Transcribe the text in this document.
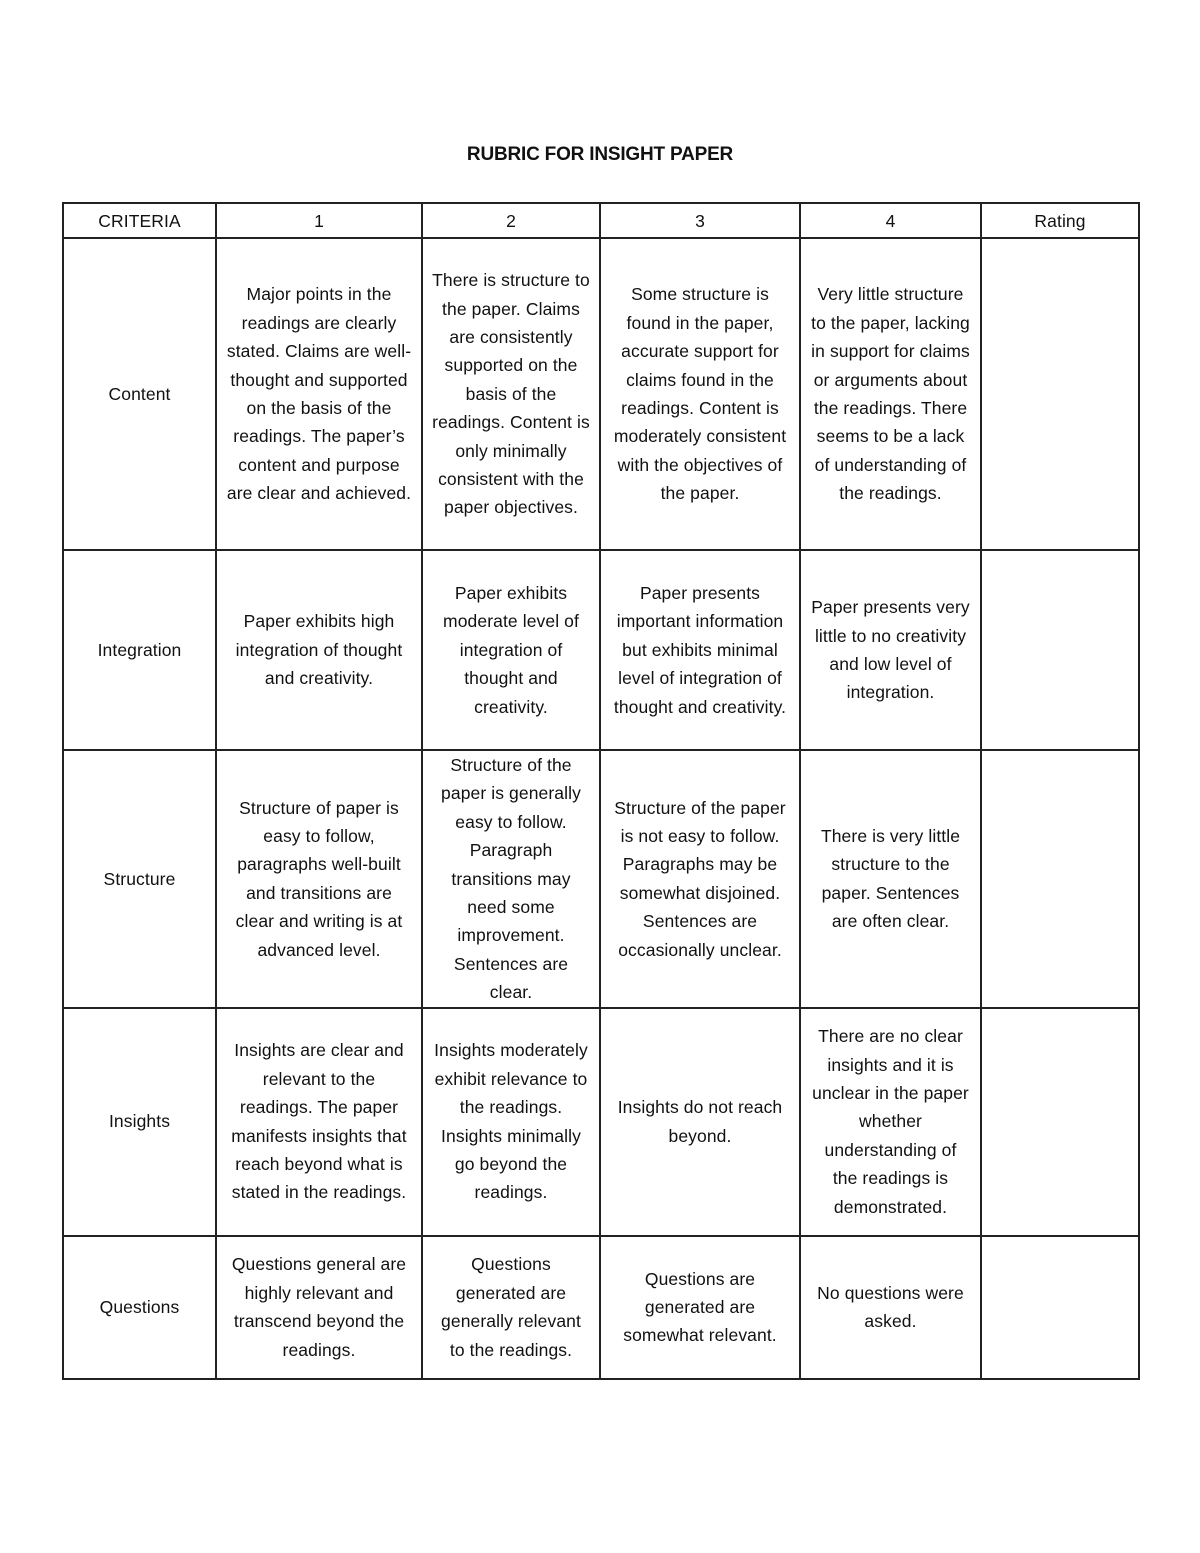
RUBRIC FOR INSIGHT PAPER
CRITERIA	1	2	3	4	Rating
Content	Major points in the readings are clearly stated. Claims are well-thought and supported on the basis of the readings. The paper’s content and purpose are clear and achieved.	There is structure to the paper. Claims are consistently supported on the basis of the readings. Content is only minimally consistent with the paper objectives.	Some structure is found in the paper, accurate support for claims found in the readings. Content is moderately consistent with the objectives of the paper.	Very little structure to the paper, lacking in support for claims or arguments about the readings. There seems to be a lack of understanding of the readings.	
Integration	Paper exhibits high integration of thought and creativity.	Paper exhibits moderate level of integration of thought and creativity.	Paper presents important information but exhibits minimal level of integration of thought and creativity.	Paper presents very little to no creativity and low level of integration.	
Structure	Structure of paper is easy to follow, paragraphs well-built and transitions are clear and writing is at advanced level.	Structure of the paper is generally easy to follow. Paragraph transitions may need some improvement. Sentences are clear.	Structure of the paper is not easy to follow. Paragraphs may be somewhat disjoined. Sentences are occasionally unclear.	There is very little structure to the paper. Sentences are often clear.	
Insights	Insights are clear and relevant to the readings. The paper manifests insights that reach beyond what is stated in the readings.	Insights moderately exhibit relevance to the readings. Insights minimally go beyond the readings.	Insights do not reach beyond.	There are no clear insights and it is unclear in the paper whether understanding of the readings is demonstrated.	
Questions	Questions general are highly relevant and transcend beyond the readings.	Questions generated are generally relevant to the readings.	Questions are generated are somewhat relevant.	No questions were asked.	
